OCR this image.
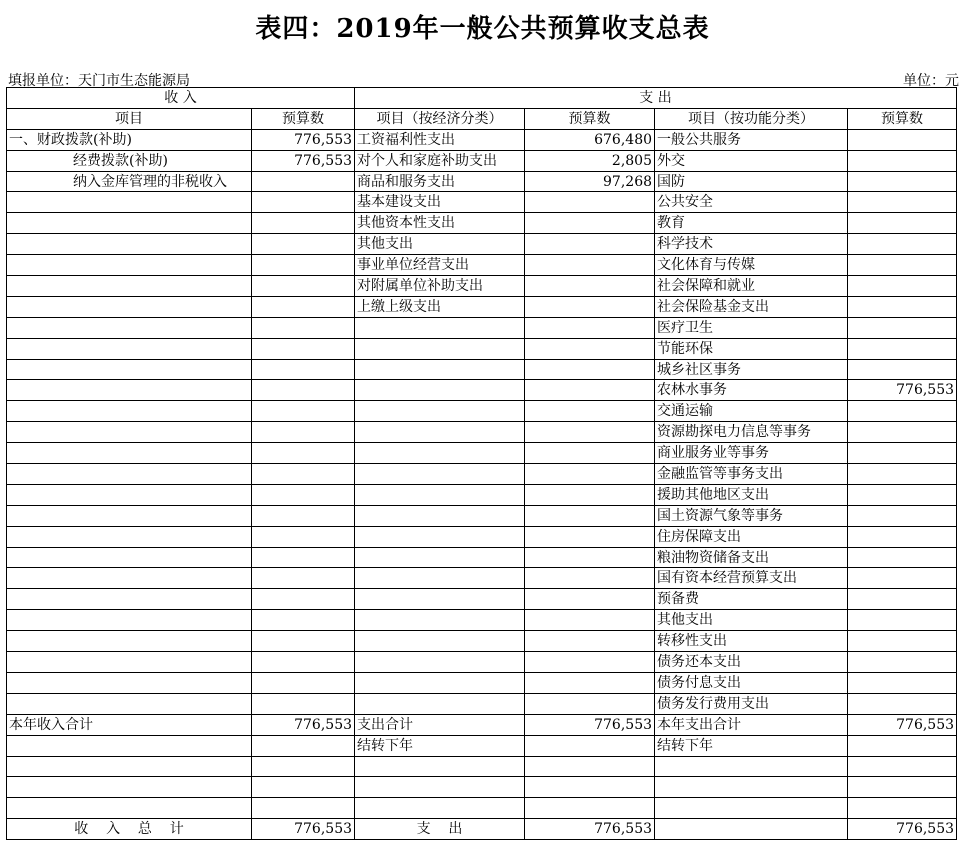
表四：2019年一般公共预算收支总表
填报单位：天门市生态能源局	单位：元
收 入		支 出			
项目	预算数	项目（按经济分类）	预算数	项目（按功能分类）	预算数
一、财政拨款(补助)	776,553	工资福利性支出	676,480	一般公共服务	
经费拨款(补助)	776,553	对个人和家庭补助支出	2,805	外交	
纳入金库管理的非税收入		商品和服务支出	97,268	国防	
		基本建设支出		公共安全	
		其他资本性支出		教育	
		其他支出		科学技术	
		事业单位经营支出		文化体育与传媒	
		对附属单位补助支出		社会保障和就业	
		上缴上级支出		社会保险基金支出	
				医疗卫生	
				节能环保	
				城乡社区事务	
				农林水事务	776,553
				交通运输	
				资源勘探电力信息等事务	
				商业服务业等事务	
				金融监管等事务支出	
				援助其他地区支出	
				国土资源气象等事务	
				住房保障支出	
				粮油物资储备支出	
				国有资本经营预算支出	
				预备费	
				其他支出	
				转移性支出	
				债务还本支出	
				债务付息支出	
				债务发行费用支出	
本年收入合计	776,553	支出合计	776,553	本年支出合计	776,553
		结转下年		结转下年	

收    入    总    计	776,553	支    出	776,553		776,553
